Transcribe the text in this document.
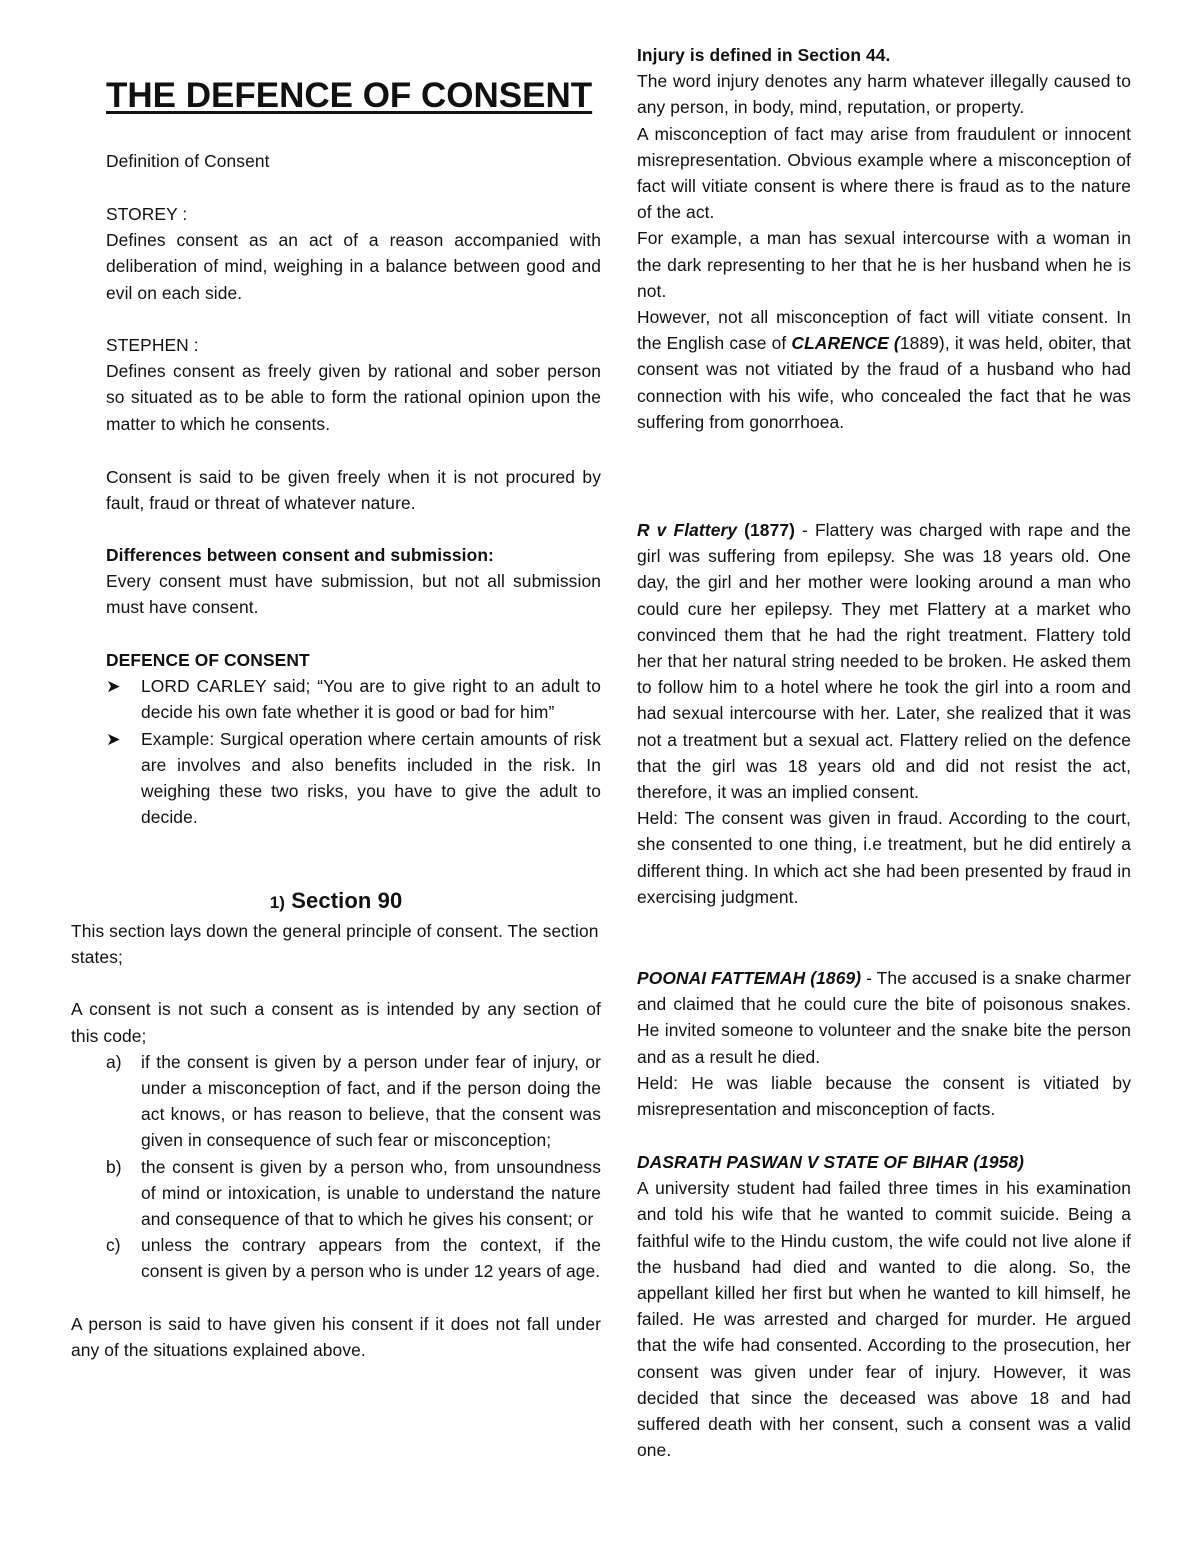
THE DEFENCE OF CONSENT

Definition of Consent

STOREY :

Defines consent as an act of a reason accompanied with deliberation of mind, weighing in a balance between good and evil on each side.

STEPHEN :

Defines consent as freely given by rational and sober person so situated as to be able to form the rational opinion upon the matter to which he consents.

Consent is said to be given freely when it is not procured by fault, fraud or threat of whatever nature.

Differences between consent and submission:

Every consent must have submission, but not all submission must have consent.

DEFENCE OF CONSENT

➤ LORD CARLEY said; “You are to give right to an adult to decide his own fate whether it is good or bad for him”
➤ Example: Surgical operation where certain amounts of risk are involves and also benefits included in the risk. In weighing these two risks, you have to give the adult to decide.

1) Section 90

This section lays down the general principle of consent. The section states;

A consent is not such a consent as is intended by any section of this code;

a) if the consent is given by a person under fear of injury, or under a misconception of fact, and if the person doing the act knows, or has reason to believe, that the consent was given in consequence of such fear or misconception;
b) the consent is given by a person who, from unsoundness of mind or intoxication, is unable to understand the nature and consequence of that to which he gives his consent; or
c) unless the contrary appears from the context, if the consent is given by a person who is under 12 years of age.

A person is said to have given his consent if it does not fall under any of the situations explained above.

Injury is defined in Section 44.

The word injury denotes any harm whatever illegally caused to any person, in body, mind, reputation, or property.

A misconception of fact may arise from fraudulent or innocent misrepresentation. Obvious example where a misconception of fact will vitiate consent is where there is fraud as to the nature of the act.

For example, a man has sexual intercourse with a woman in the dark representing to her that he is her husband when he is not.

However, not all misconception of fact will vitiate consent. In the English case of CLARENCE (1889), it was held, obiter, that consent was not vitiated by the fraud of a husband who had connection with his wife, who concealed the fact that he was suffering from gonorrhoea.

R v Flattery (1877) - Flattery was charged with rape and the girl was suffering from epilepsy. She was 18 years old. One day, the girl and her mother were looking around a man who could cure her epilepsy. They met Flattery at a market who convinced them that he had the right treatment. Flattery told her that her natural string needed to be broken. He asked them to follow him to a hotel where he took the girl into a room and had sexual intercourse with her. Later, she realized that it was not a treatment but a sexual act. Flattery relied on the defence that the girl was 18 years old and did not resist the act, therefore, it was an implied consent.

Held: The consent was given in fraud. According to the court, she consented to one thing, i.e treatment, but he did entirely a different thing. In which act she had been presented by fraud in exercising judgment.

POONAI FATTEMAH (1869) - The accused is a snake charmer and claimed that he could cure the bite of poisonous snakes. He invited someone to volunteer and the snake bite the person and as a result he died.

Held: He was liable because the consent is vitiated by misrepresentation and misconception of facts.

DASRATH PASWAN V STATE OF BIHAR (1958)

A university student had failed three times in his examination and told his wife that he wanted to commit suicide. Being a faithful wife to the Hindu custom, the wife could not live alone if the husband had died and wanted to die along. So, the appellant killed her first but when he wanted to kill himself, he failed. He was arrested and charged for murder. He argued that the wife had consented. According to the prosecution, her consent was given under fear of injury. However, it was decided that since the deceased was above 18 and had suffered death with her consent, such a consent was a valid one.
